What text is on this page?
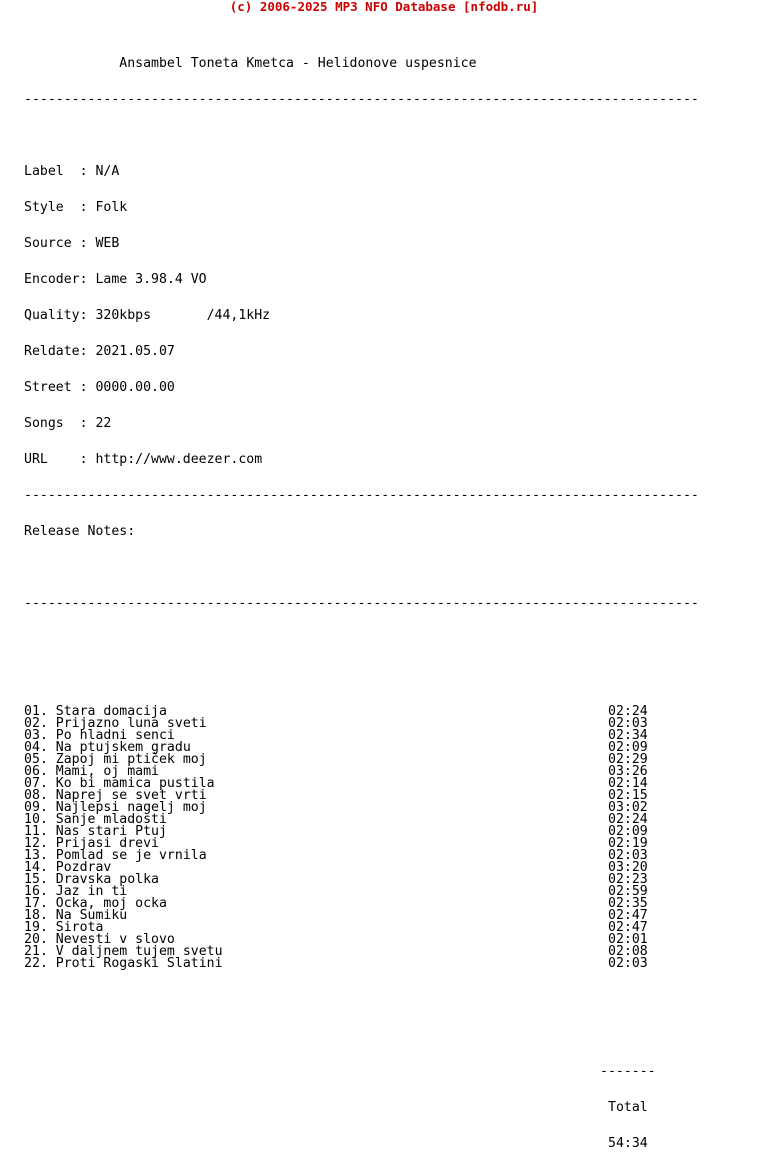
(c) 2006-2025 MP3 NFO Database [nfodb.ru]

Ansambel Toneta Kmetca - Helidonove uspesnice

-------------------------------------------------------------------------------------

Label  : N/A

Style  : Folk

Source : WEB

Encoder: Lame 3.98.4 VO

Quality: 320kbps       /44,1kHz

Reldate: 2021.05.07

Street : 0000.00.00

Songs  : 22

URL    : http://www.deezer.com

-------------------------------------------------------------------------------------

Release Notes:

-------------------------------------------------------------------------------------

01. Stara domacija	02:24
02. Prijazno luna sveti	02:03
03. Po hladni senci	02:34
04. Na ptujskem gradu	02:09
05. Zapoj mi ptiček moj	02:29
06. Mami, oj mami	03:26
07. Ko bi mamica pustila	02:14
08. Naprej se svet vrti	02:15
09. Najlepsi nagelj moj	03:02
10. Sanje mladosti	02:24
11. Nas stari Ptuj	02:09
12. Prijasi drevi	02:19
13. Pomlad se je vrnila	02:03
14. Pozdrav	03:20
15. Dravska polka	02:23
16. Jaz in ti	02:59
17. Ocka, moj ocka	02:35
18. Na Sumiku	02:47
19. Sirota	02:47
20. Nevesti v slovo	02:01
21. V daljnem tujem svetu	02:08
22. Proti Rogaski Slatini	02:03

-------

Total

54:34
